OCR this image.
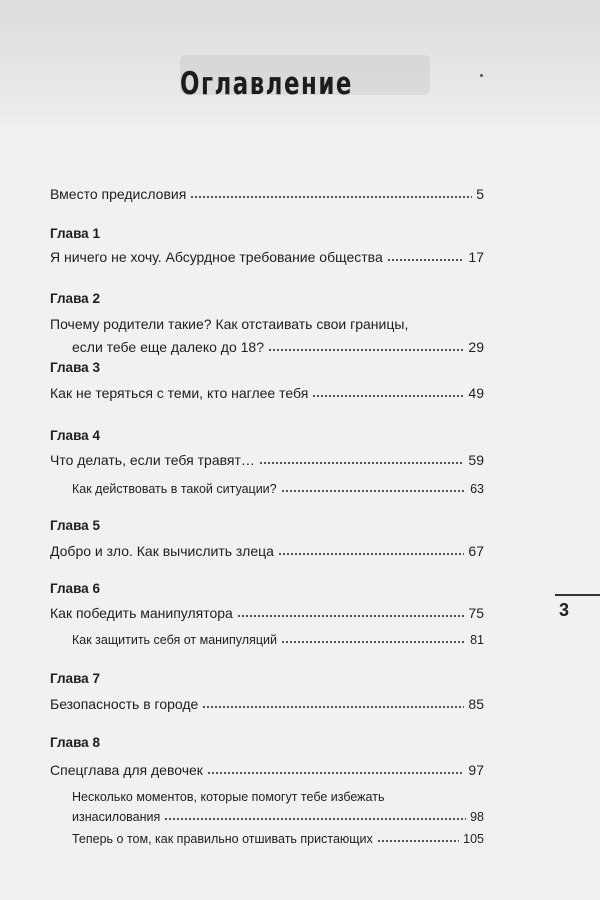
Оглавление
Вместо предисловия	5
Глава 1
Я ничего не хочу. Абсурдное требование общества	17
Глава 2
Почему родители такие? Как отстаивать свои границы,
если тебе еще далеко до 18?	29
Глава 3
Как не теряться с теми, кто наглее тебя	49
Глава 4
Что делать, если тебя травят…	59
Как действовать в такой ситуации?	63
Глава 5
Добро и зло. Как вычислить злеца	67
Глава 6
Как победить манипулятора	75
Как защитить себя от манипуляций	81
Глава 7
Безопасность в городе	85
Глава 8
Спецглава для девочек	97
Несколько моментов, которые помогут тебе избежать
изнасилования	98
Теперь о том, как правильно отшивать пристающих	105
3
